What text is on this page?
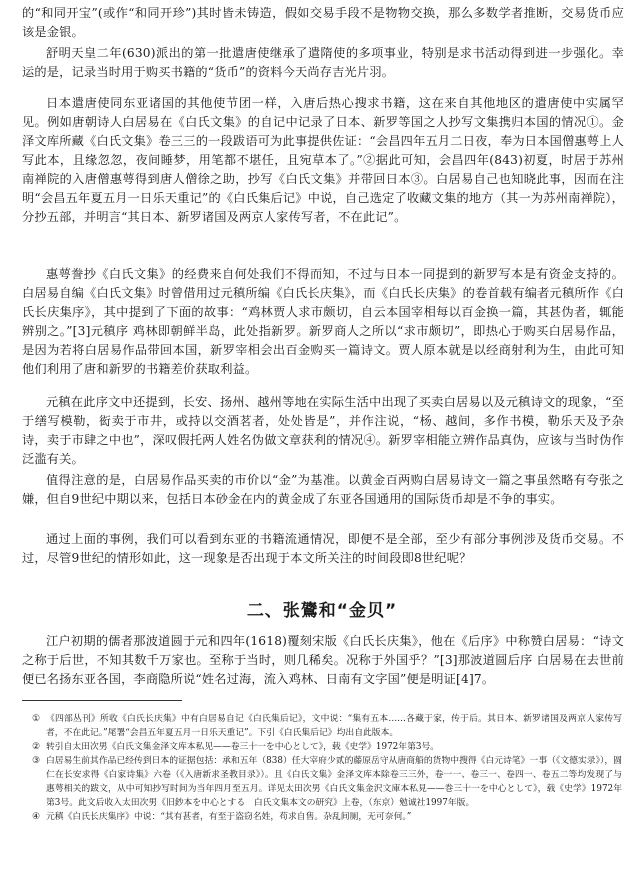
的“和同开宝”(或作“和同开珍”)其时皆未铸造，假如交易手段不是物物交换，那么多数学者推断，交易货币应该是金银。

舒明天皇二年(630)派出的第一批遣唐使继承了遣隋使的多项事业，特别是求书活动得到进一步强化。幸运的是，记录当时用于购买书籍的“货币”的资料今天尚存吉光片羽。

日本遣唐使同东亚诸国的其他使节团一样，入唐后热心搜求书籍，这在来自其他地区的遣唐使中实属罕见。例如唐朝诗人白居易在《白氏文集》的自记中记录了日本、新罗等国之人抄写文集携归本国的情况①。金泽文库所藏《白氏文集》卷三三的一段跋语可为此事提供佐证：“会昌四年五月二日夜，奉为日本国僧惠萼上人写此本，且缘忽忽，夜间睡梦，用笔都不堪任，且宛草本了。”②据此可知，会昌四年(843)初夏，时居于苏州南禅院的入唐僧惠萼得到唐人僧徐之助，抄写《白氏文集》并带回日本③。白居易自己也知晓此事，因而在注明“会昌五年夏五月一日乐天重记”的《白氏集后记》中说，自己选定了收藏文集的地方（其一为苏州南禅院），分抄五部，并明言“其日本、新罗诸国及两京人家传写者，不在此记”。

惠萼誊抄《白氏文集》的经费来自何处我们不得而知，不过与日本一同提到的新罗写本是有资金支持的。白居易自编《白氏文集》时曾借用过元稹所编《白氏长庆集》，而《白氏长庆集》的卷首载有编者元稹所作《白氏长庆集序》，其中提到了下面的故事：“鸡林贾人求市颇切，自云本国宰相每以百金换一篇，其甚伪者，辄能辨别之。”[3]元稹序 鸡林即朝鲜半岛，此处指新罗。新罗商人之所以“求市颇切”，即热心于购买白居易作品，是因为若将白居易作品带回本国，新罗宰相会出百金购买一篇诗文。贾人原本就是以经商射利为生，由此可知他们利用了唐和新罗的书籍差价获取利益。

元稹在此序文中还提到，长安、扬州、越州等地在实际生活中出现了买卖白居易以及元稹诗文的现象，“至于缮写模勒，衒卖于市井，或持以交酒茗者，处处皆是”，并作注说，“杨、越间，多作书模，勒乐天及予杂诗，卖于市肆之中也”，深叹假托两人姓名伪做文章获利的情况④。新罗宰相能立辨作品真伪，应该与当时伪作泛滥有关。

值得注意的是，白居易作品买卖的市价以“金”为基准。以黄金百两购白居易诗文一篇之事虽然略有夸张之嫌，但自9世纪中期以来，包括日本砂金在内的黄金成了东亚各国通用的国际货币却是不争的事实。

通过上面的事例，我们可以看到东亚的书籍流通情况，即便不是全部，至少有部分事例涉及货币交易。不过，尽管9世纪的情形如此，这一现象是否出现于本文所关注的时间段即8世纪呢？

二、张鷟和“金贝”

江户初期的儒者那波道圆于元和四年(1618)覆刻宋版《白氏长庆集》，他在《后序》中称赞白居易：“诗文之称于后世，不知其数千万家也。至称于当时，则几稀矣。况称于外国乎？”[3]那波道圆后序 白居易在去世前便已名扬东亚各国，李商隐所说“姓名过海，流入鸡林、日南有文字国”便是明证[4]7。

① 《四部丛刊》所收《白氏长庆集》中有白居易自记《白氏集后记》，文中说：“集有五本……各藏于家，传于后。其日本、新罗诸国及两京人家传写者，不在此记。”尾署“会昌五年夏五月一日乐天重记”。下引《白氏集后记》均出自此版本。
② 转引自太田次男《白氏文集金泽文库本私见——卷三十一を中心として》，载《史学》1972年第3号。
③ 白居易生前其作品已经传到日本的证据包括：承和五年（838）任大宰府少贰的藤原岳守从唐商船的货物中搜得《白元诗笔》一事（《文德实录》），圆仁在长安求得《白家诗集》六卷（《入唐新求圣教目录》）。且《白氏文集》金泽文库本除卷三三外，卷一一、卷三一、卷四一、卷五二等均发现了与惠萼相关的跋文，从中可知抄写时间为当年四月至五月。详见太田次男《白氏文集金沢文庫本私見——巻三十一を中心として》，载《史学》1972年第3号。此文后收入太田次男《旧鈔本を中心とする　白氏文集本文の研究》上卷，（东京）勉诚社1997年版。
④ 元稹《白氏长庆集序》中说：“其有甚者，有至于盗窃名姓，苟求自售。杂乱间厕，无可奈何。”
